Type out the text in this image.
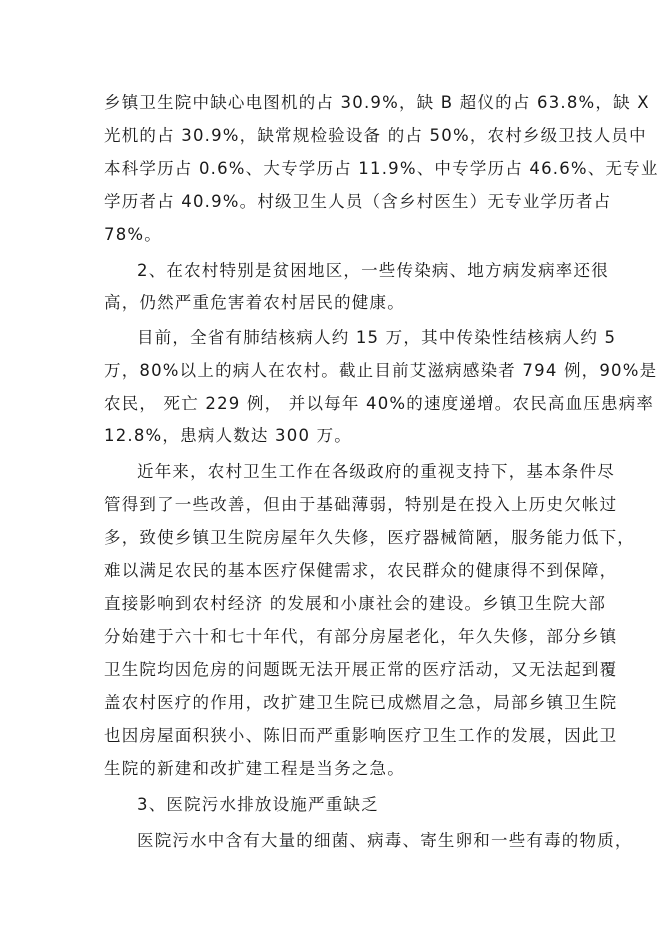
乡镇卫生院中缺心电图机的占 30.9%，缺 B 超仪的占 63.8%，缺 X
光机的占 30.9%，缺常规检验设备 的占 50%，农村乡级卫技人员中
本科学历占 0.6%、大专学历占 11.9%、中专学历占 46.6%、无专业
学历者占 40.9%。村级卫生人员（含乡村医生）无专业学历者占
78%。
2、在农村特别是贫困地区，一些传染病、地方病发病率还很
高，仍然严重危害着农村居民的健康。
目前，全省有肺结核病人约 15 万，其中传染性结核病人约 5
万，80%以上的病人在农村。截止目前艾滋病感染者 794 例，90%是
农民， 死亡 229 例， 并以每年 40%的速度递增。农民高血压患病率
12.8%，患病人数达 300 万。
近年来，农村卫生工作在各级政府的重视支持下，基本条件尽
管得到了一些改善，但由于基础薄弱，特别是在投入上历史欠帐过
多，致使乡镇卫生院房屋年久失修，医疗器械简陋，服务能力低下，
难以满足农民的基本医疗保健需求，农民群众的健康得不到保障，
直接影响到农村经济 的发展和小康社会的建设。乡镇卫生院大部
分始建于六十和七十年代，有部分房屋老化，年久失修，部分乡镇
卫生院均因危房的问题既无法开展正常的医疗活动，又无法起到覆
盖农村医疗的作用，改扩建卫生院已成燃眉之急，局部乡镇卫生院
也因房屋面积狭小、陈旧而严重影响医疗卫生工作的发展，因此卫
生院的新建和改扩建工程是当务之急。
3、医院污水排放设施严重缺乏
医院污水中含有大量的细菌、病毒、寄生卵和一些有毒的物质，
